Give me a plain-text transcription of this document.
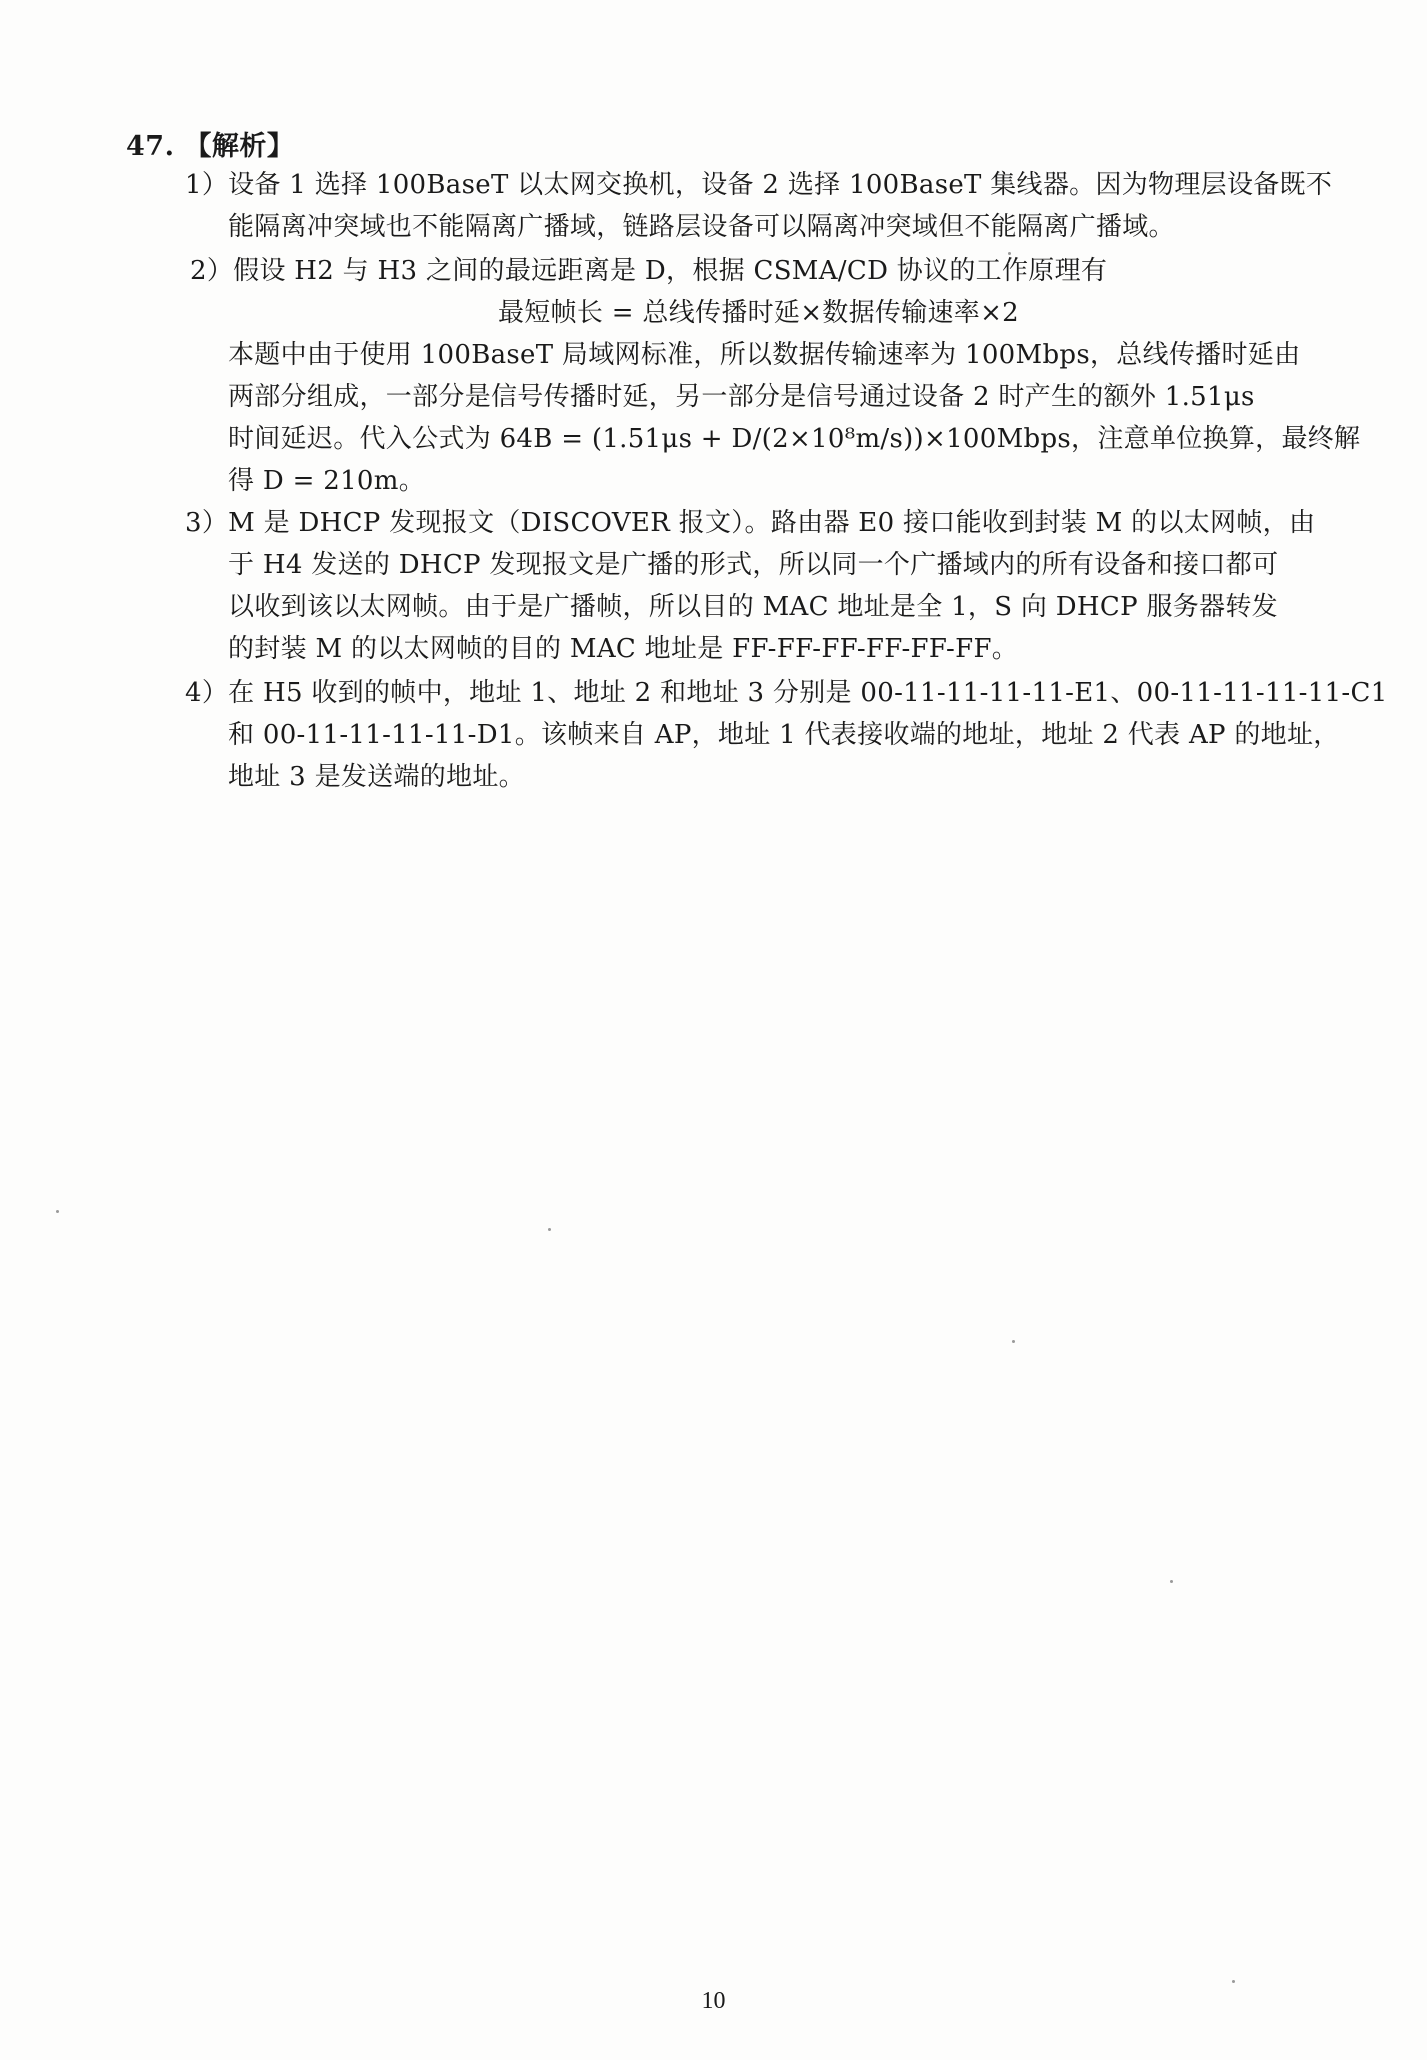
47. 【解析】
1）设备 1 选择 100BaseT 以太网交换机，设备 2 选择 100BaseT 集线器。因为物理层设备既不
能隔离冲突域也不能隔离广播域，链路层设备可以隔离冲突域但不能隔离广播域。
2）假设 H2 与 H3 之间的最远距离是 D，根据 CSMA/CD 协议的工作原理有
最短帧长 = 总线传播时延×数据传输速率×2
本题中由于使用 100BaseT 局域网标准，所以数据传输速率为 100Mbps，总线传播时延由
两部分组成，一部分是信号传播时延，另一部分是信号通过设备 2 时产生的额外 1.51μs
时间延迟。代入公式为 64B = (1.51μs + D/(2×10⁸m/s))×100Mbps，注意单位换算，最终解
得 D = 210m。
3）M 是 DHCP 发现报文（DISCOVER 报文）。路由器 E0 接口能收到封装 M 的以太网帧，由
于 H4 发送的 DHCP 发现报文是广播的形式，所以同一个广播域内的所有设备和接口都可
以收到该以太网帧。由于是广播帧，所以目的 MAC 地址是全 1，S 向 DHCP 服务器转发
的封装 M 的以太网帧的目的 MAC 地址是 FF-FF-FF-FF-FF-FF。
4）在 H5 收到的帧中，地址 1、地址 2 和地址 3 分别是 00-11-11-11-11-E1、00-11-11-11-11-C1
和 00-11-11-11-11-D1。该帧来自 AP，地址 1 代表接收端的地址，地址 2 代表 AP 的地址，
地址 3 是发送端的地址。
10
